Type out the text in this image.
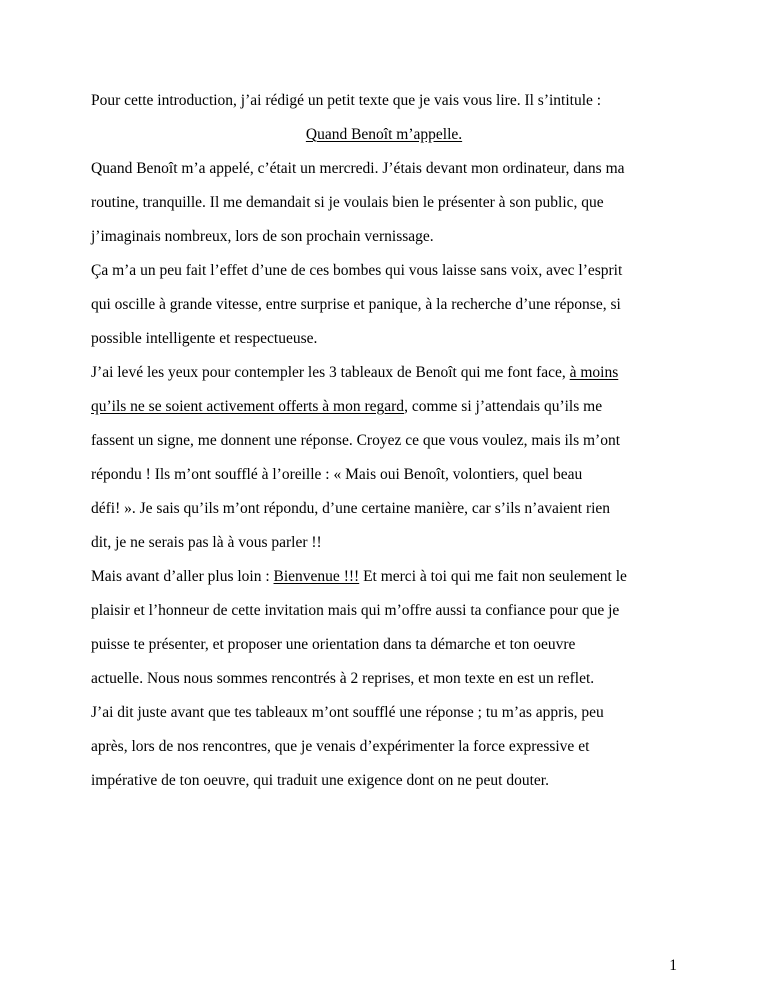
Pour cette introduction, j’ai rédigé un petit texte que je vais vous lire. Il s’intitule :
Quand Benoît m’appelle.
Quand Benoît m’a appelé, c’était un mercredi. J’étais devant mon ordinateur, dans ma
routine, tranquille. Il me demandait si je voulais bien le présenter à son public, que
j’imaginais nombreux, lors de son prochain vernissage.
Ça m’a un peu fait l’effet d’une de ces bombes qui vous laisse sans voix, avec l’esprit
qui oscille à grande vitesse, entre surprise et panique, à la recherche d’une réponse, si
possible intelligente et respectueuse.
J’ai levé les yeux pour contempler les 3 tableaux de Benoît qui me font face, à moins
qu’ils ne se soient activement offerts à mon regard, comme si j’attendais qu’ils me
fassent un signe, me donnent une réponse. Croyez ce que vous voulez, mais ils m’ont
répondu ! Ils m’ont soufflé à l’oreille : « Mais oui Benoît, volontiers, quel beau
défi! ». Je sais qu’ils m’ont répondu, d’une certaine manière, car s’ils n’avaient rien
dit, je ne serais pas là à vous parler !!
Mais avant d’aller plus loin : Bienvenue !!! Et merci à toi qui me fait non seulement le
plaisir et l’honneur de cette invitation mais qui m’offre aussi ta confiance pour que je
puisse te présenter, et proposer une orientation dans ta démarche et ton oeuvre
actuelle. Nous nous sommes rencontrés à 2 reprises, et mon texte en est un reflet.
J’ai dit juste avant que tes tableaux m’ont soufflé une réponse ; tu m’as appris, peu
après, lors de nos rencontres, que je venais d’expérimenter la force expressive et
impérative de ton oeuvre, qui traduit une exigence dont on ne peut douter.
1
